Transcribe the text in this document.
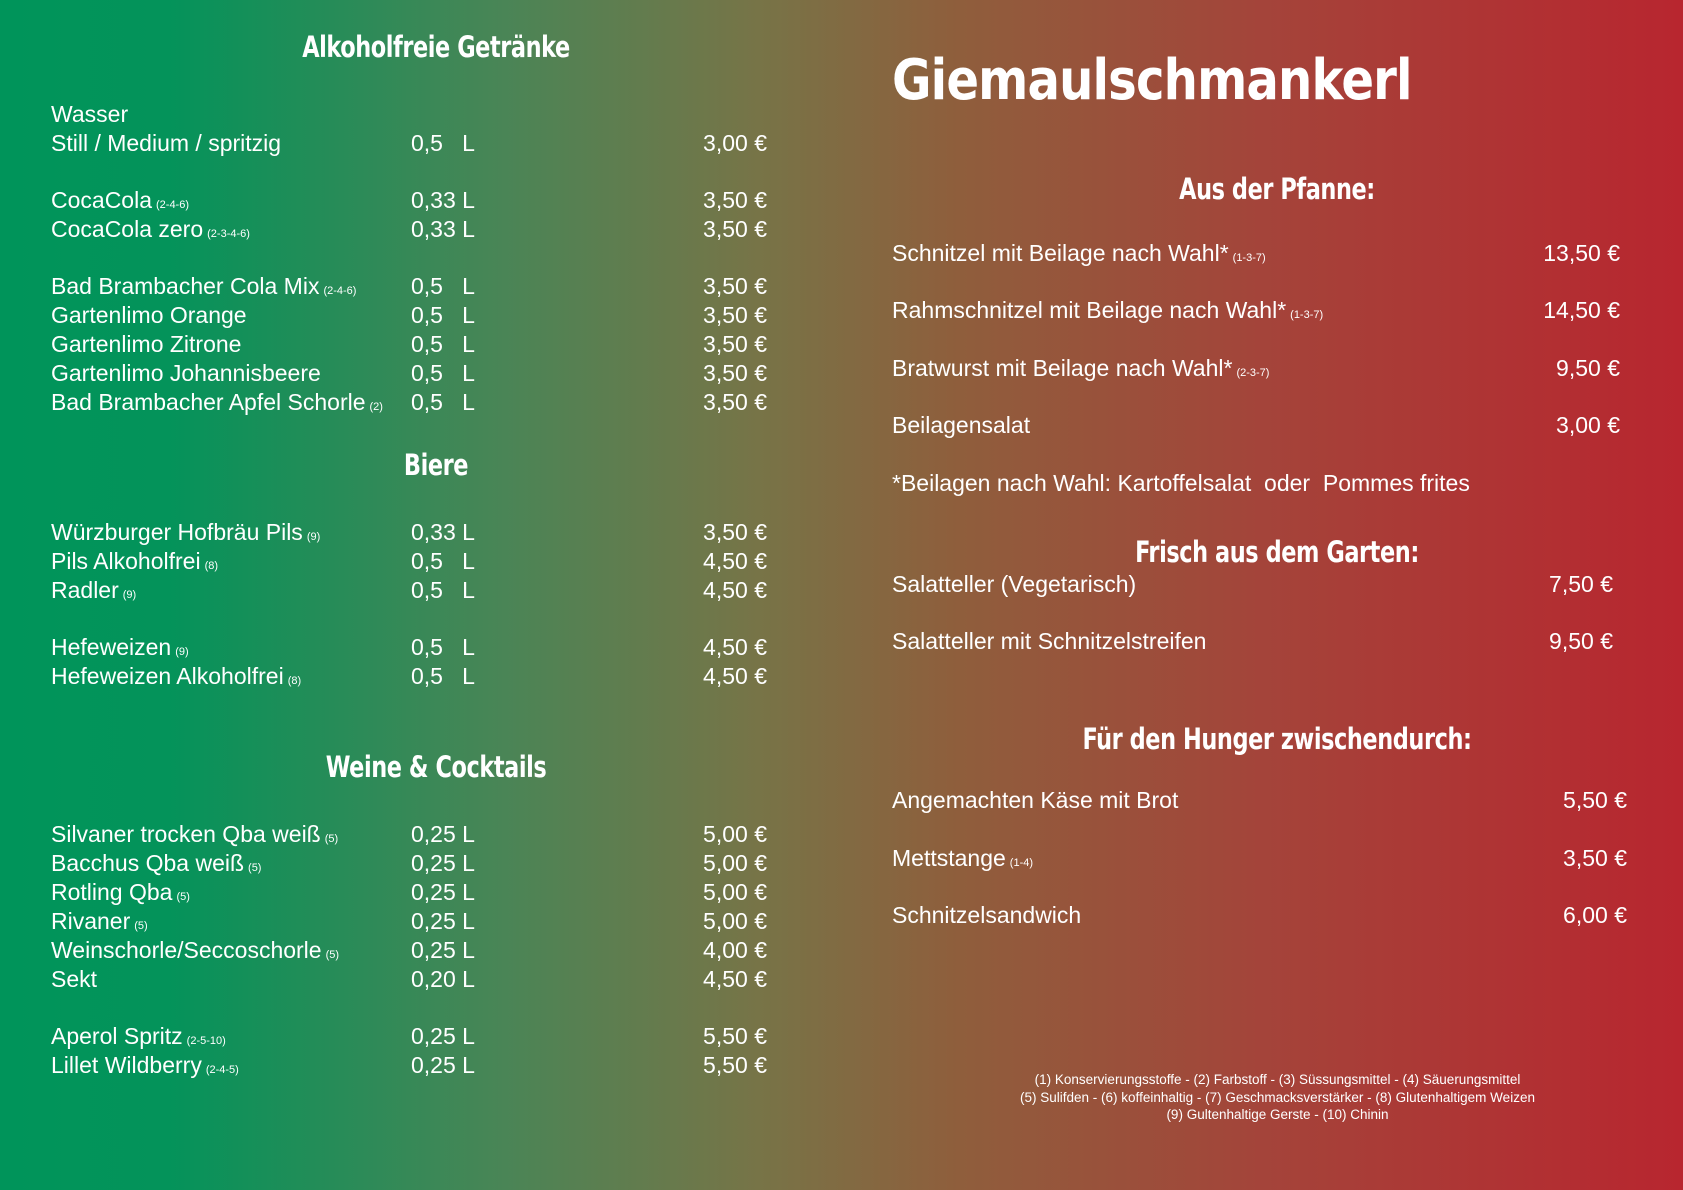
Alkoholfreie Getränke
Wasser
Still / Medium / spritzig	0,5   L	3,00 €
CocaCola (2-4-6)	0,33 L	3,50 €
CocaCola zero (2-3-4-6)	0,33 L	3,50 €
Bad Brambacher Cola Mix (2-4-6) 0,5   L	3,50 €
Gartenlimo Orange	0,5   L	3,50 €
Gartenlimo Zitrone	0,5   L	3,50 €
Gartenlimo Johannisbeere	0,5   L	3,50 €
Bad Brambacher Apfel Schorle (2) 0,5   L	3,50 €
Biere
Würzburger Hofbräu Pils (9)	0,33 L	3,50 €
Pils Alkoholfrei (8)	0,5   L	4,50 €
Radler (9)	0,5   L	4,50 €
Hefeweizen (9)	0,5   L	4,50 €
Hefeweizen Alkoholfrei (8)	0,5   L	4,50 €
Weine & Cocktails
Silvaner trocken Qba weiß (5)	0,25 L	5,00 €
Bacchus Qba weiß (5)	0,25 L	5,00 €
Rotling Qba (5)	0,25 L	5,00 €
Rivaner (5)	0,25 L	5,00 €
Weinschorle/Seccoschorle (5)	0,25 L	4,00 €
Sekt	0,20 L	4,50 €
Aperol Spritz (2-5-10)	0,25 L	5,50 €
Lillet Wildberry (2-4-5)	0,25 L	5,50 €
Giemaulschmankerl
Aus der Pfanne:
Schnitzel mit Beilage nach Wahl* (1-3-7)	13,50 €
Rahmschnitzel mit Beilage nach Wahl* (1-3-7)	14,50 €
Bratwurst mit Beilage nach Wahl* (2-3-7)	9,50 €
Beilagensalat	3,00 €
*Beilagen nach Wahl: Kartoffelsalat  oder  Pommes frites
Frisch aus dem Garten:
Salatteller (Vegetarisch)	7,50 €
Salatteller mit Schnitzelstreifen	9,50 €
Für den Hunger zwischendurch:
Angemachten Käse mit Brot	5,50 €
Mettstange (1-4)	3,50 €
Schnitzelsandwich	6,00 €
(1) Konservierungsstoffe - (2) Farbstoff - (3) Süssungsmittel - (4) Säuerungsmittel
(5) Sulifden - (6) koffeinhaltig - (7) Geschmacksverstärker - (8) Glutenhaltigem Weizen
(9) Gultenhaltige Gerste - (10) Chinin
